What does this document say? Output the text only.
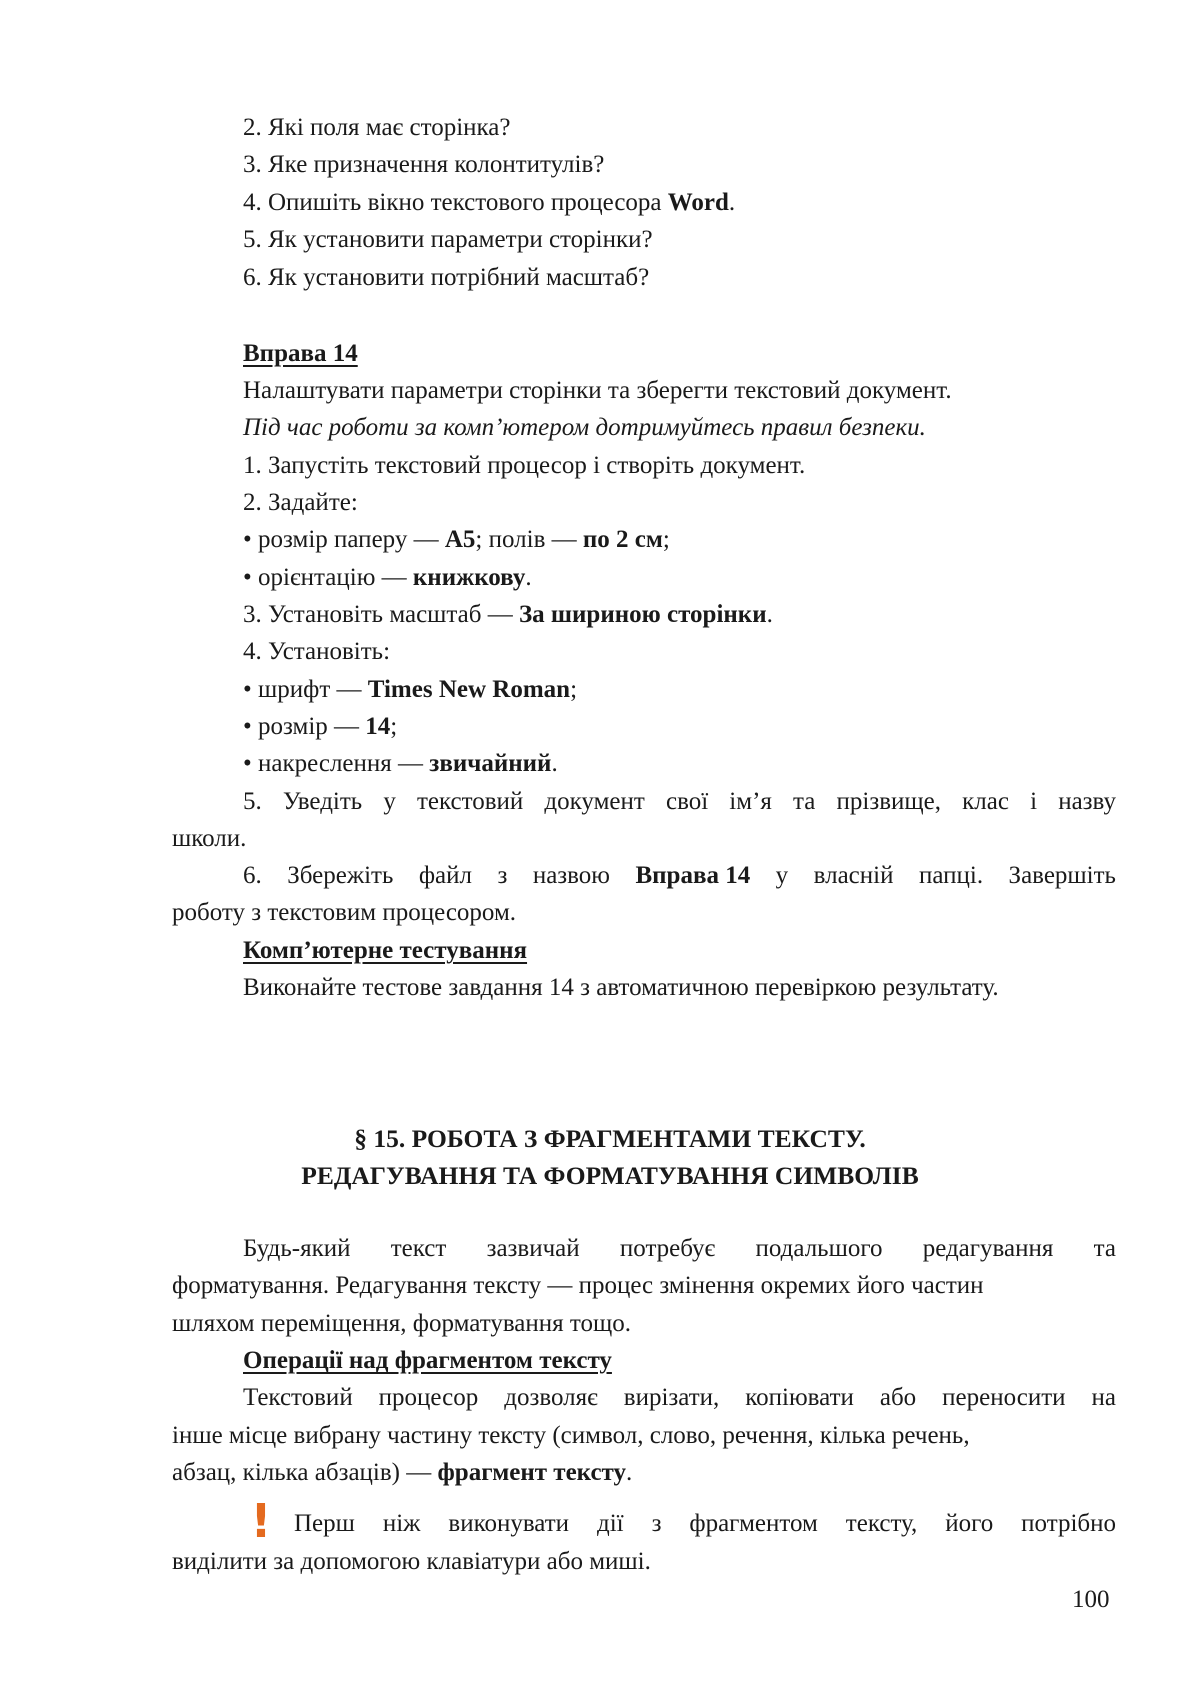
2. Які поля має сторінка?
3. Яке призначення колонтитулів?
4. Опишіть вікно текстового процесора Word.
5. Як установити параметри сторінки?
6. Як установити потрібний масштаб?
Вправа 14
Налаштувати параметри сторінки та зберегти текстовий документ.
Під час роботи за комп’ютером дотримуйтесь правил безпеки.
1. Запустіть текстовий процесор і створіть документ.
2. Задайте:
• розмір паперу — А5; полів — по 2 см;
• орієнтацію — книжкову.
3. Установіть масштаб — За шириною сторінки.
4. Установіть:
• шрифт — Times New Roman;
• розмір — 14;
• накреслення — звичайний.
5. Уведіть у текстовий документ свої ім’я та прізвище, клас і назву
школи.
6. Збережіть файл з назвою Вправа 14 у власній папці. Завершіть
роботу з текстовим процесором.
Комп’ютерне тестування
Виконайте тестове завдання 14 з автоматичною перевіркою результату.
§ 15. РОБОТА З ФРАГМЕНТАМИ ТЕКСТУ.
РЕДАГУВАННЯ ТА ФОРМАТУВАННЯ СИМВОЛІВ
Будь-який текст зазвичай потребує подальшого редагування та
форматування. Редагування тексту — процес змінення окремих його частин
шляхом переміщення, форматування тощо.
Операції над фрагментом тексту
Текстовий процесор дозволяє вирізати, копіювати або переносити на
інше місце вибрану частину тексту (символ, слово, речення, кілька речень,
абзац, кілька абзаців) — фрагмент тексту.
! Перш ніж виконувати дії з фрагментом тексту, його потрібно
виділити за допомогою клавіатури або миші.
100
